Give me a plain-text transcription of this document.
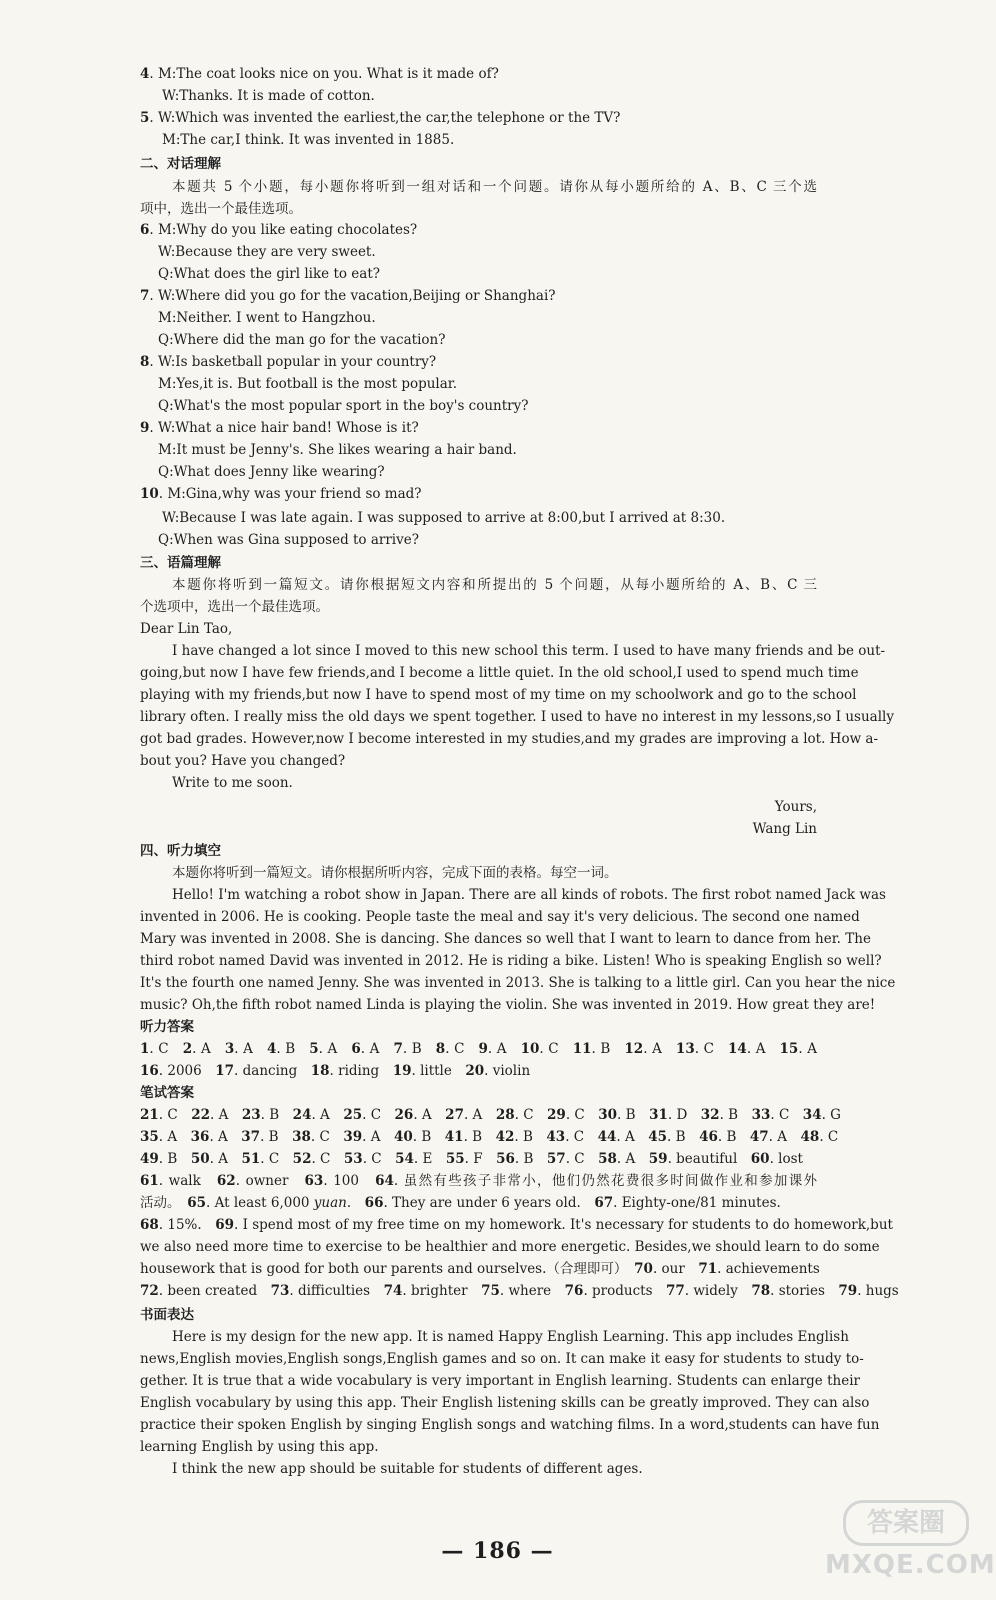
4. M:The coat looks nice on you. What is it made of?
W:Thanks. It is made of cotton.
5. W:Which was invented the earliest,the car,the telephone or the TV?
M:The car,I think. It was invented in 1885.
二、对话理解
本题共 5 个小题，每小题你将听到一组对话和一个问题。请你从每小题所给的 A、B、C 三个选
项中，选出一个最佳选项。
6. M:Why do you like eating chocolates?
W:Because they are very sweet.
Q:What does the girl like to eat?
7. W:Where did you go for the vacation,Beijing or Shanghai?
M:Neither. I went to Hangzhou.
Q:Where did the man go for the vacation?
8. W:Is basketball popular in your country?
M:Yes,it is. But football is the most popular.
Q:What's the most popular sport in the boy's country?
9. W:What a nice hair band! Whose is it?
M:It must be Jenny's. She likes wearing a hair band.
Q:What does Jenny like wearing?
10. M:Gina,why was your friend so mad?
W:Because I was late again. I was supposed to arrive at 8:00,but I arrived at 8:30.
Q:When was Gina supposed to arrive?
三、语篇理解
本题你将听到一篇短文。请你根据短文内容和所提出的 5 个问题，从每小题所给的 A、B、C 三
个选项中，选出一个最佳选项。
Dear Lin Tao,
I have changed a lot since I moved to this new school this term. I used to have many friends and be out-
going,but now I have few friends,and I become a little quiet. In the old school,I used to spend much time
playing with my friends,but now I have to spend most of my time on my schoolwork and go to the school
library often. I really miss the old days we spent together. I used to have no interest in my lessons,so I usually
got bad grades. However,now I become interested in my studies,and my grades are improving a lot. How a-
bout you? Have you changed?
Write to me soon.
Yours,
Wang Lin
四、听力填空
本题你将听到一篇短文。请你根据所听内容，完成下面的表格。每空一词。
Hello! I'm watching a robot show in Japan. There are all kinds of robots. The first robot named Jack was
invented in 2006. He is cooking. People taste the meal and say it's very delicious. The second one named
Mary was invented in 2008. She is dancing. She dances so well that I want to learn to dance from her. The
third robot named David was invented in 2012. He is riding a bike. Listen! Who is speaking English so well?
It's the fourth one named Jenny. She was invented in 2013. She is talking to a little girl. Can you hear the nice
music? Oh,the fifth robot named Linda is playing the violin. She was invented in 2019. How great they are!
听力答案
1. C　2. A　3. A　4. B　5. A　6. A　7. B　8. C　9. A　10. C　11. B　12. A　13. C　14. A　15. A
16. 2006　17. dancing　18. riding　19. little　20. violin
笔试答案
21. C　22. A　23. B　24. A　25. C　26. A　27. A　28. C　29. C　30. B　31. D　32. B　33. C　34. G
35. A　36. A　37. B　38. C　39. A　40. B　41. B　42. B　43. C　44. A　45. B　46. B　47. A　48. C
49. B　50. A　51. C　52. C　53. C　54. E　55. F　56. B　57. C　58. A　59. beautiful　60. lost
61. walk　62. owner　63. 100　64. 虽然有些孩子非常小，他们仍然花费很多时间做作业和参加课外
活动。　65. At least 6,000 yuan.　66. They are under 6 years old.　67. Eighty-one/81 minutes.
68. 15%.　69. I spend most of my free time on my homework. It's necessary for students to do homework,but
we also need more time to exercise to be healthier and more energetic. Besides,we should learn to do some
housework that is good for both our parents and ourselves.（合理即可）　70. our　71. achievements
72. been created　73. difficulties　74. brighter　75. where　76. products　77. widely　78. stories　79. hugs
书面表达
Here is my design for the new app. It is named Happy English Learning. This app includes English
news,English movies,English songs,English games and so on. It can make it easy for students to study to-
gether. It is true that a wide vocabulary is very important in English learning. Students can enlarge their
English vocabulary by using this app. Their English listening skills can be greatly improved. They can also
practice their spoken English by singing English songs and watching films. In a word,students can have fun
learning English by using this app.
I think the new app should be suitable for students of different ages.
— 186 —
答案圈
MXQE.COM
